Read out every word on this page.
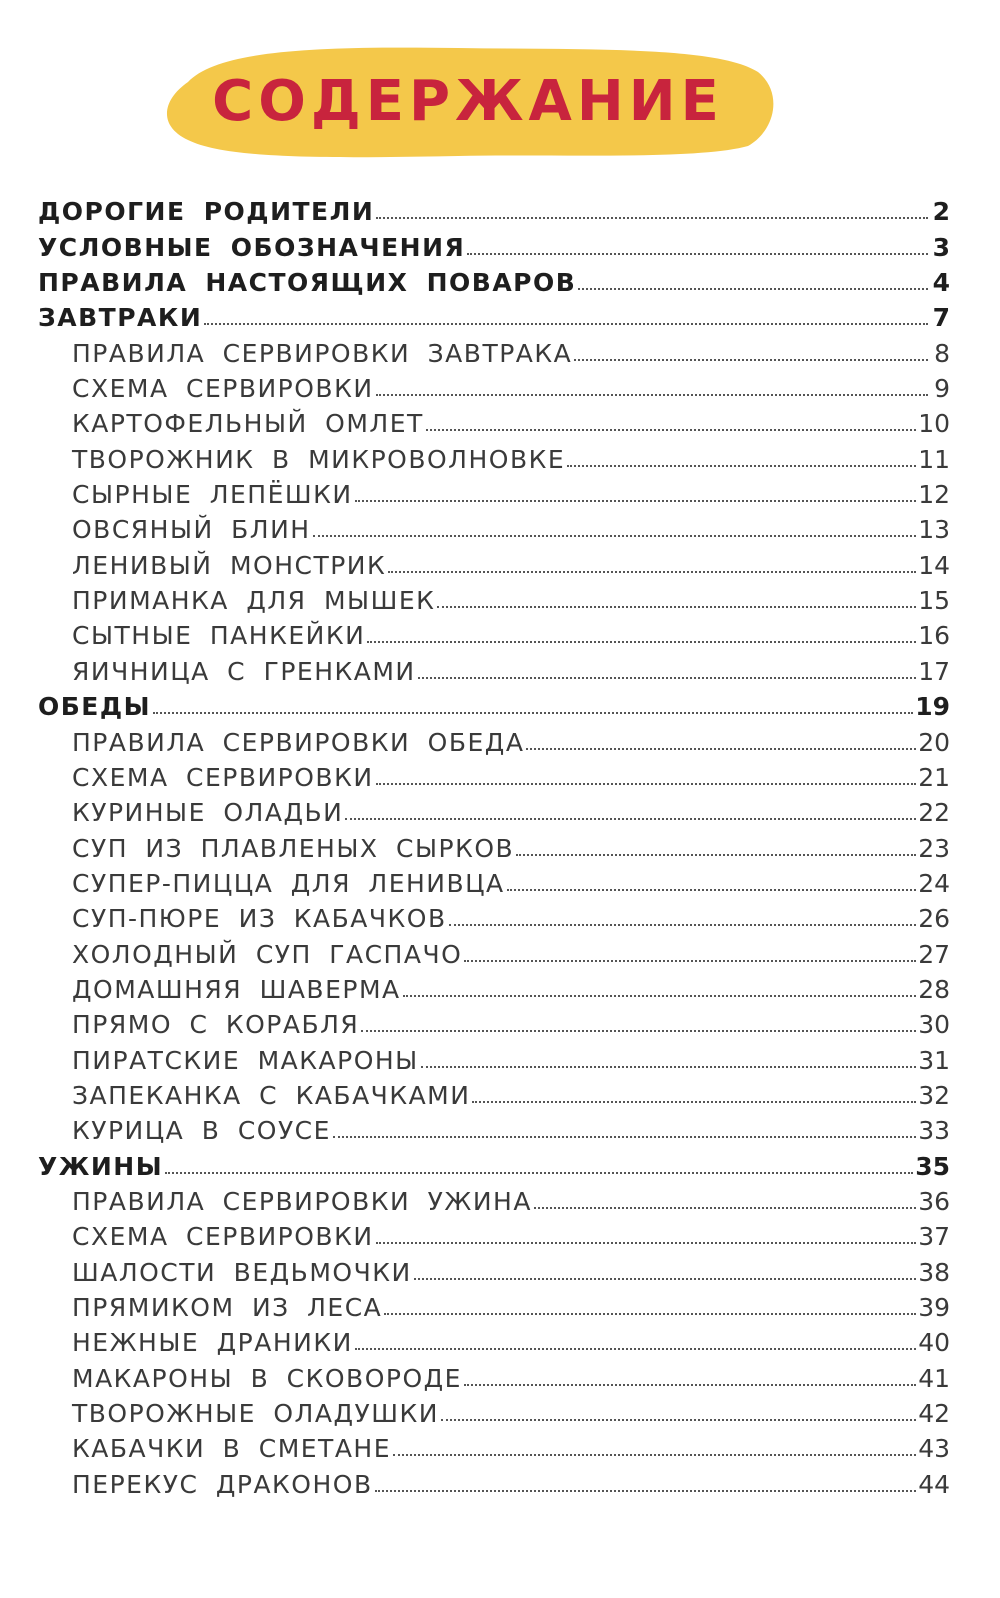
СОДЕРЖАНИЕ
ДОРОГИЕ РОДИТЕЛИ	2
УСЛОВНЫЕ ОБОЗНАЧЕНИЯ	3
ПРАВИЛА НАСТОЯЩИХ ПОВАРОВ	4
ЗАВТРАКИ	7
ПРАВИЛА СЕРВИРОВКИ ЗАВТРАКА	8
СХЕМА СЕРВИРОВКИ	9
КАРТОФЕЛЬНЫЙ ОМЛЕТ	10
ТВОРОЖНИК В МИКРОВОЛНОВКЕ	11
СЫРНЫЕ ЛЕПЁШКИ	12
ОВСЯНЫЙ БЛИН	13
ЛЕНИВЫЙ МОНСТРИК	14
ПРИМАНКА ДЛЯ МЫШЕК	15
СЫТНЫЕ ПАНКЕЙКИ	16
ЯИЧНИЦА С ГРЕНКАМИ	17
ОБЕДЫ	19
ПРАВИЛА СЕРВИРОВКИ ОБЕДА	20
СХЕМА СЕРВИРОВКИ	21
КУРИНЫЕ ОЛАДЬИ	22
СУП ИЗ ПЛАВЛЕНЫХ СЫРКОВ	23
СУПЕР-ПИЦЦА ДЛЯ ЛЕНИВЦА	24
СУП-ПЮРЕ ИЗ КАБАЧКОВ	26
ХОЛОДНЫЙ СУП ГАСПАЧО	27
ДОМАШНЯЯ ШАВЕРМА	28
ПРЯМО С КОРАБЛЯ	30
ПИРАТСКИЕ МАКАРОНЫ	31
ЗАПЕКАНКА С КАБАЧКАМИ	32
КУРИЦА В СОУСЕ	33
УЖИНЫ	35
ПРАВИЛА СЕРВИРОВКИ УЖИНА	36
СХЕМА СЕРВИРОВКИ	37
ШАЛОСТИ ВЕДЬМОЧКИ	38
ПРЯМИКОМ ИЗ ЛЕСА	39
НЕЖНЫЕ ДРАНИКИ	40
МАКАРОНЫ В СКОВОРОДЕ	41
ТВОРОЖНЫЕ ОЛАДУШКИ	42
КАБАЧКИ В СМЕТАНЕ	43
ПЕРЕКУС ДРАКОНОВ	44
